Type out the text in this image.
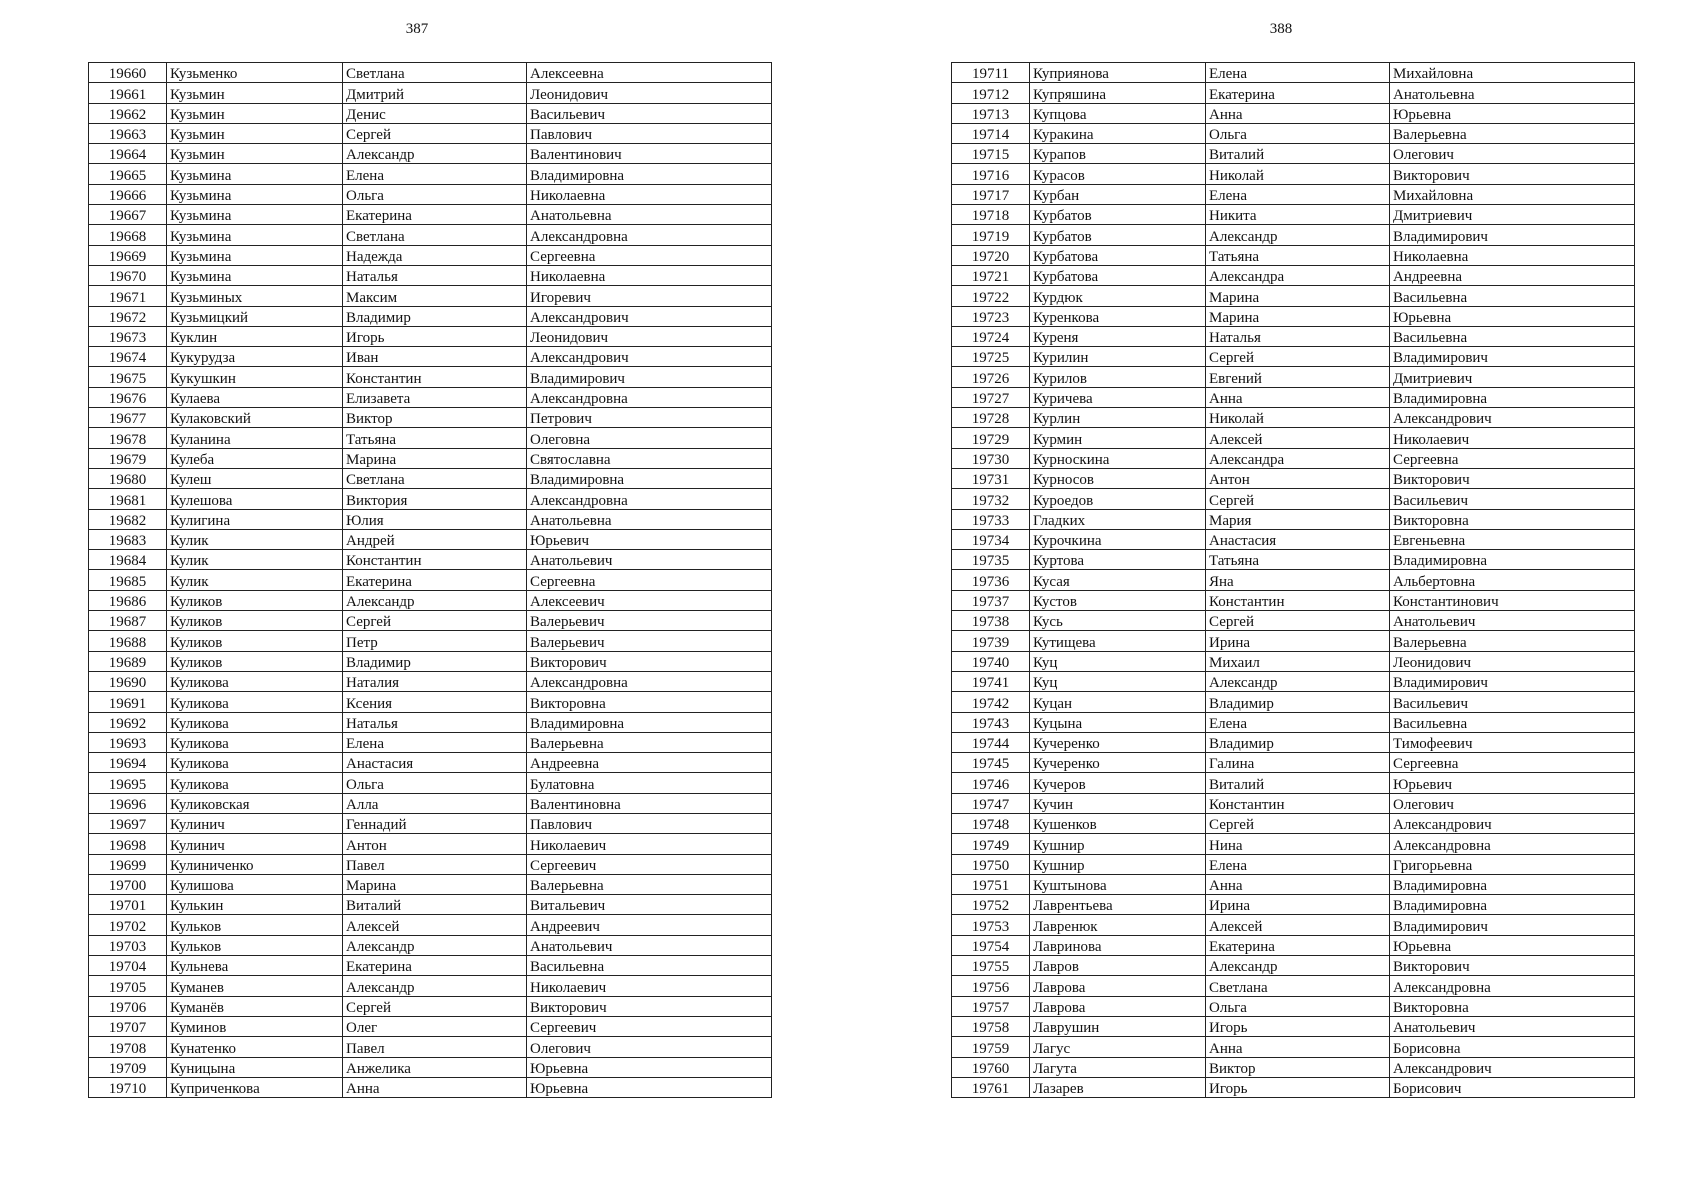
387	388
19660	Кузьменко	Светлана	Алексеевна
19661	Кузьмин	Дмитрий	Леонидович
19662	Кузьмин	Денис	Васильевич
19663	Кузьмин	Сергей	Павлович
19664	Кузьмин	Александр	Валентинович
19665	Кузьмина	Елена	Владимировна
19666	Кузьмина	Ольга	Николаевна
19667	Кузьмина	Екатерина	Анатольевна
19668	Кузьмина	Светлана	Александровна
19669	Кузьмина	Надежда	Сергеевна
19670	Кузьмина	Наталья	Николаевна
19671	Кузьминых	Максим	Игоревич
19672	Кузьмицкий	Владимир	Александрович
19673	Куклин	Игорь	Леонидович
19674	Кукурудза	Иван	Александрович
19675	Кукушкин	Константин	Владимирович
19676	Кулаева	Елизавета	Александровна
19677	Кулаковский	Виктор	Петрович
19678	Куланина	Татьяна	Олеговна
19679	Кулеба	Марина	Святославна
19680	Кулеш	Светлана	Владимировна
19681	Кулешова	Виктория	Александровна
19682	Кулигина	Юлия	Анатольевна
19683	Кулик	Андрей	Юрьевич
19684	Кулик	Константин	Анатольевич
19685	Кулик	Екатерина	Сергеевна
19686	Куликов	Александр	Алексеевич
19687	Куликов	Сергей	Валерьевич
19688	Куликов	Петр	Валерьевич
19689	Куликов	Владимир	Викторович
19690	Куликова	Наталия	Александровна
19691	Куликова	Ксения	Викторовна
19692	Куликова	Наталья	Владимировна
19693	Куликова	Елена	Валерьевна
19694	Куликова	Анастасия	Андреевна
19695	Куликова	Ольга	Булатовна
19696	Куликовская	Алла	Валентиновна
19697	Кулинич	Геннадий	Павлович
19698	Кулинич	Антон	Николаевич
19699	Кулиниченко	Павел	Сергеевич
19700	Кулишова	Марина	Валерьевна
19701	Кулькин	Виталий	Витальевич
19702	Кульков	Алексей	Андреевич
19703	Кульков	Александр	Анатольевич
19704	Кульнева	Екатерина	Васильевна
19705	Куманев	Александр	Николаевич
19706	Куманёв	Сергей	Викторович
19707	Куминов	Олег	Сергеевич
19708	Кунатенко	Павел	Олегович
19709	Куницына	Анжелика	Юрьевна
19710	Куприченкова	Анна	Юрьевна
19711	Куприянова	Елена	Михайловна
19712	Купряшина	Екатерина	Анатольевна
19713	Купцова	Анна	Юрьевна
19714	Куракина	Ольга	Валерьевна
19715	Курапов	Виталий	Олегович
19716	Курасов	Николай	Викторович
19717	Курбан	Елена	Михайловна
19718	Курбатов	Никита	Дмитриевич
19719	Курбатов	Александр	Владимирович
19720	Курбатова	Татьяна	Николаевна
19721	Курбатова	Александра	Андреевна
19722	Курдюк	Марина	Васильевна
19723	Куренкова	Марина	Юрьевна
19724	Куреня	Наталья	Васильевна
19725	Курилин	Сергей	Владимирович
19726	Курилов	Евгений	Дмитриевич
19727	Куричева	Анна	Владимировна
19728	Курлин	Николай	Александрович
19729	Курмин	Алексей	Николаевич
19730	Курноскина	Александра	Сергеевна
19731	Курносов	Антон	Викторович
19732	Куроедов	Сергей	Васильевич
19733	Гладких	Мария	Викторовна
19734	Курочкина	Анастасия	Евгеньевна
19735	Куртова	Татьяна	Владимировна
19736	Кусая	Яна	Альбертовна
19737	Кустов	Константин	Константинович
19738	Кусь	Сергей	Анатольевич
19739	Кутищева	Ирина	Валерьевна
19740	Куц	Михаил	Леонидович
19741	Куц	Александр	Владимирович
19742	Куцан	Владимир	Васильевич
19743	Куцына	Елена	Васильевна
19744	Кучеренко	Владимир	Тимофеевич
19745	Кучеренко	Галина	Сергеевна
19746	Кучеров	Виталий	Юрьевич
19747	Кучин	Константин	Олегович
19748	Кушенков	Сергей	Александрович
19749	Кушнир	Нина	Александровна
19750	Кушнир	Елена	Григорьевна
19751	Куштынова	Анна	Владимировна
19752	Лаврентьева	Ирина	Владимировна
19753	Лавренюк	Алексей	Владимирович
19754	Лавринова	Екатерина	Юрьевна
19755	Лавров	Александр	Викторович
19756	Лаврова	Светлана	Александровна
19757	Лаврова	Ольга	Викторовна
19758	Лаврушин	Игорь	Анатольевич
19759	Лагус	Анна	Борисовна
19760	Лагута	Виктор	Александрович
19761	Лазарев	Игорь	Борисович
